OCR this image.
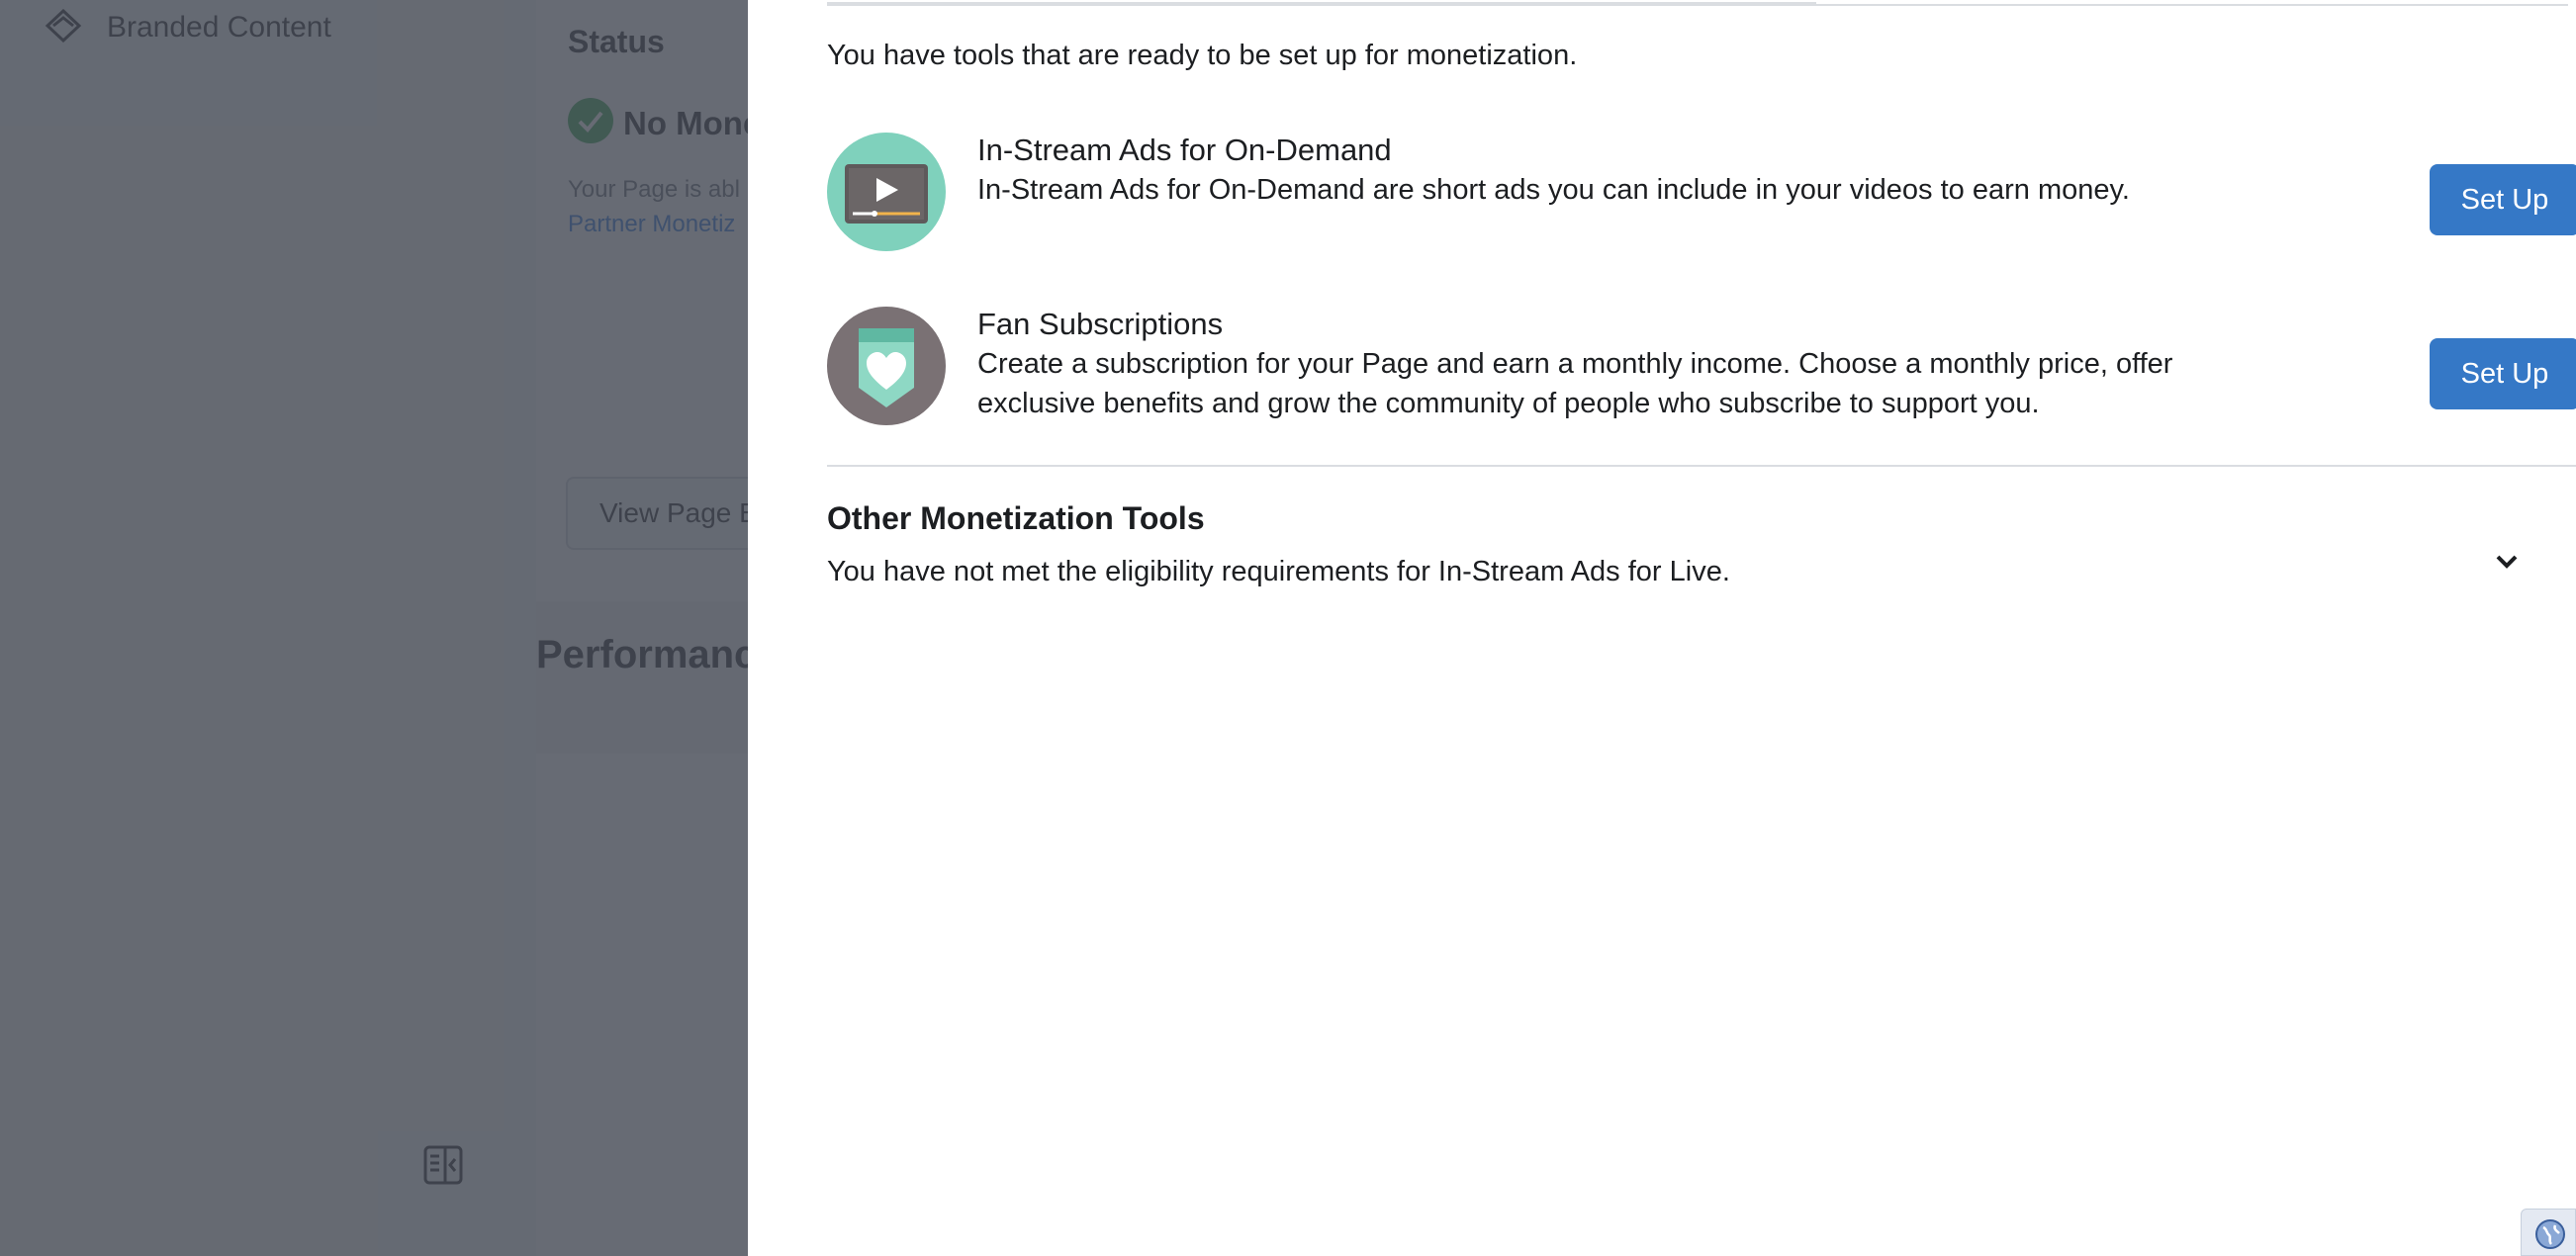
You have tools that are ready to be set up for monetization.
In-Stream Ads for On-Demand
In-Stream Ads for On-Demand are short ads you can include in your videos to earn money.	Set Up
Fan Subscriptions
Create a subscription for your Page and earn a monthly income. Choose a monthly price, offer exclusive benefits and grow the community of people who subscribe to support you.
Set Up
Other Monetization Tools
You have not met the eligibility requirements for In-Stream Ads for Live.
